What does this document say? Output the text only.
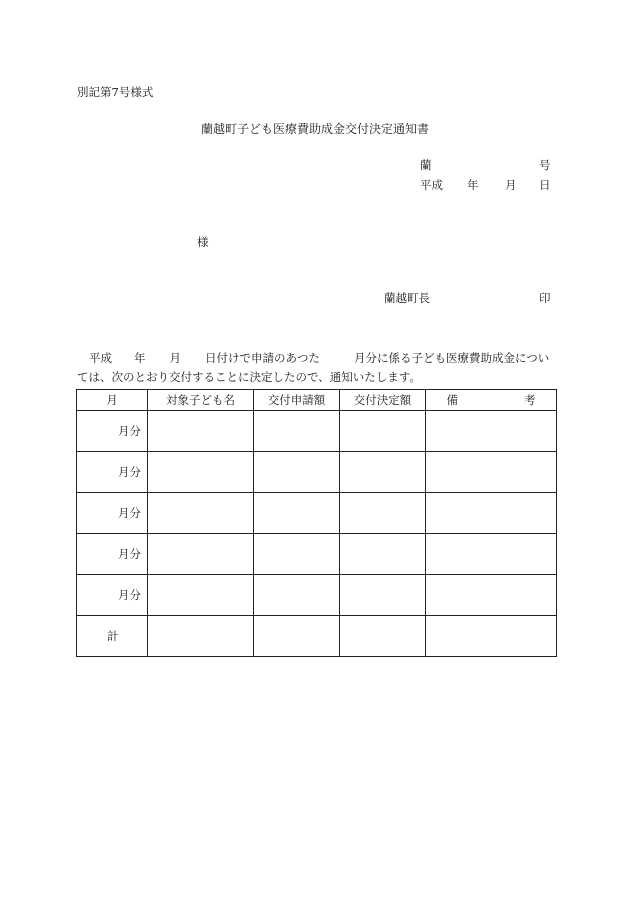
別記第7号様式
蘭越町子ども医療費助成金交付決定通知書
蘭	号
平成 年 月 日
様
蘭越町長	印
平成 年 月 日付けで申請のあつた	月分に係る子ども医療費助成金については、次のとおり交付することに決定したので、通知いたします。
月	対象子ども名	交付申請額	交付決定額	備 考
月分				
月分				
月分				
月分				
月分				
計				
